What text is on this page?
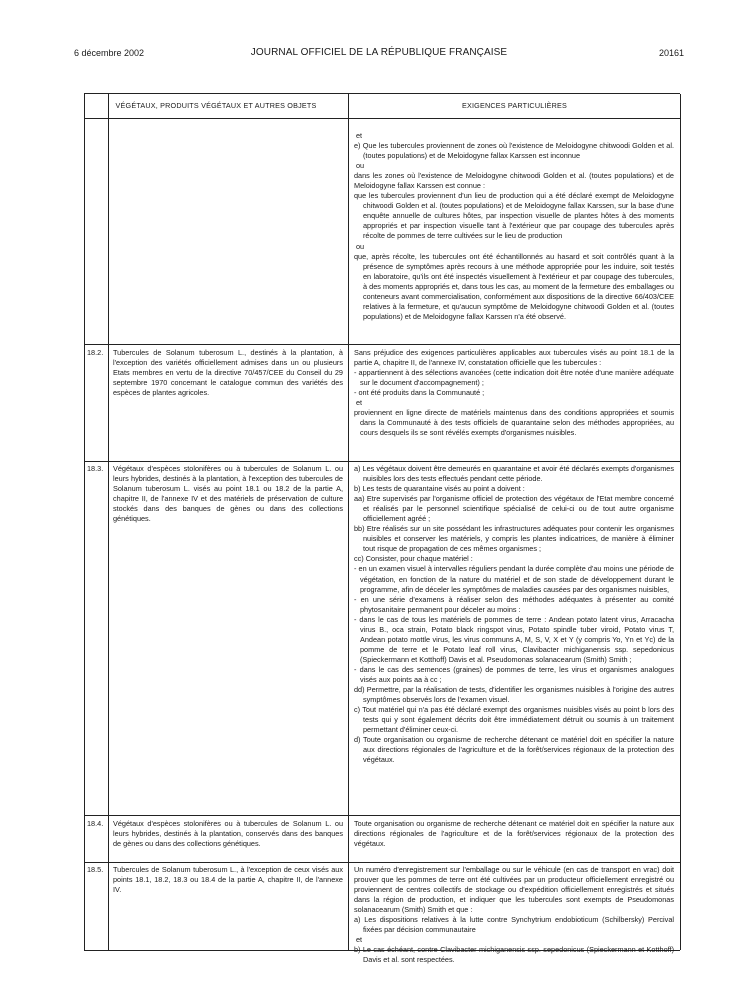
6 décembre 2002	JOURNAL OFFICIEL DE LA RÉPUBLIQUE FRANÇAISE	20161
VÉGÉTAUX, PRODUITS VÉGÉTAUX ET AUTRES OBJETS	EXIGENCES PARTICULIÈRES

et

e) Que les tubercules proviennent de zones où l'existence de Meloidogyne chitwoodi Golden et al. (toutes populations) et de Meloidogyne fallax Karssen est inconnue

ou

dans les zones où l'existence de Meloidogyne chitwoodi Golden et al. (toutes populations) et de Meloidogyne fallax Karssen est connue :

que les tubercules proviennent d'un lieu de production qui a été déclaré exempt de Meloidogyne chitwoodi Golden et al. (toutes populations) et de Meloidogyne fallax Karssen, sur la base d'une enquête annuelle de cultures hôtes, par inspection visuelle de plantes hôtes à des moments appropriés et par inspection visuelle tant à l'extérieur que par coupage des tubercules après récolte de pommes de terre cultivées sur le lieu de production

ou

que, après récolte, les tubercules ont été échantillonnés au hasard et soit contrôlés quant à la présence de symptômes après recours à une méthode appropriée pour les induire, soit testés en laboratoire, qu'ils ont été inspectés visuellement à l'extérieur et par coupage des tubercules, à des moments appropriés et, dans tous les cas, au moment de la fermeture des emballages ou conteneurs avant commercialisation, conformément aux dispositions de la directive 66/403/CEE relatives à la fermeture, et qu'aucun symptôme de Meloidogyne chitwoodi Golden et al. (toutes populations) et de Meloidogyne fallax Karssen n'a été observé.

18.2.	Tubercules de Solanum tuberosum L., destinés à la plantation, à l'exception des variétés officiellement admises dans un ou plusieurs Etats membres en vertu de la directive 70/457/CEE du Conseil du 29 septembre 1970 concernant le catalogue commun des variétés des espèces de plantes agricoles.

Sans préjudice des exigences particulières applicables aux tubercules visés au point 18.1 de la partie A, chapitre II, de l'annexe IV, constatation officielle que les tubercules :

- appartiennent à des sélections avancées (cette indication doit être notée d'une manière adéquate sur le document d'accompagnement) ;

- ont été produits dans la Communauté ;

et

proviennent en ligne directe de matériels maintenus dans des conditions appropriées et soumis dans la Communauté à des tests officiels de quarantaine selon des méthodes appropriées, au cours desquels ils se sont révélés exempts d'organismes nuisibles.

18.3.	Végétaux d'espèces stolonifères ou à tubercules de Solanum L. ou leurs hybrides, destinés à la plantation, à l'exception des tubercules de Solanum tuberosum L. visés au point 18.1 ou 18.2 de la partie A, chapitre II, de l'annexe IV et des matériels de préservation de culture stockés dans des banques de gènes ou dans des collections génétiques.

a) Les végétaux doivent être demeurés en quarantaine et avoir été déclarés exempts d'organismes nuisibles lors des tests effectués pendant cette période.

b) Les tests de quarantaine visés au point a doivent :

aa) Etre supervisés par l'organisme officiel de protection des végétaux de l'Etat membre concerné et réalisés par le personnel scientifique spécialisé de celui-ci ou de tout autre organisme officiellement agréé ;

bb) Etre réalisés sur un site possédant les infrastructures adéquates pour contenir les organismes nuisibles et conserver les matériels, y compris les plantes indicatrices, de manière à éliminer tout risque de propagation de ces mêmes organismes ;

cc) Consister, pour chaque matériel :

- en un examen visuel à intervalles réguliers pendant la durée complète d'au moins une période de végétation, en fonction de la nature du matériel et de son stade de développement durant le programme, afin de déceler les symptômes de maladies causées par des organismes nuisibles,

- en une série d'examens à réaliser selon des méthodes adéquates à présenter au comité phytosanitaire permanent pour déceler au moins :

- dans le cas de tous les matériels de pommes de terre : Andean potato latent virus, Arracacha virus B., oca strain, Potato black ringspot virus, Potato spindle tuber viroid, Potato virus T, Andean potato mottle virus, les virus communs A, M, S, V, X et Y (y compris Yo, Yn et Yc) de la pomme de terre et le Potato leaf roll virus, Clavibacter michiganensis ssp. sepedonicus (Spieckermann et Kotthoff) Davis et al. Pseudomonas solanacearum (Smith) Smith ;

- dans le cas des semences (graines) de pommes de terre, les virus et organismes analogues visés aux points aa à cc ;

dd) Permettre, par la réalisation de tests, d'identifier les organismes nuisibles à l'origine des autres symptômes observés lors de l'examen visuel.

c) Tout matériel qui n'a pas été déclaré exempt des organismes nuisibles visés au point b lors des tests qui y sont également décrits doit être immédiatement détruit ou soumis à un traitement permettant d'éliminer ceux-ci.

d) Toute organisation ou organisme de recherche détenant ce matériel doit en spécifier la nature aux directions régionales de l'agriculture et de la forêt/services régionaux de la protection des végétaux.

18.4.	Végétaux d'espèces stolonifères ou à tubercules de Solanum L. ou leurs hybrides, destinés à la plantation, conservés dans des banques de gènes ou dans des collections génétiques.
Toute organisation ou organisme de recherche détenant ce matériel doit en spécifier la nature aux directions régionales de l'agriculture et de la forêt/services régionaux de la protection des végétaux.
18.5.	Tubercules de Solanum tuberosum L., à l'exception de ceux visés aux points 18.1, 18.2, 18.3 ou 18.4 de la partie A, chapitre II, de l'annexe IV.

Un numéro d'enregistrement sur l'emballage ou sur le véhicule (en cas de transport en vrac) doit prouver que les pommes de terre ont été cultivées par un producteur officiellement enregistré ou proviennent de centres collectifs de stockage ou d'expédition officiellement enregistrés et situés dans la région de production, et indiquer que les tubercules sont exempts de Pseudomonas solanacearum (Smith) Smith et que :

a) Les dispositions relatives à la lutte contre Synchytrium endobioticum (Schilbersky) Percival fixées par décision communautaire

et

b) Le cas échéant, contre Clavibacter michiganensis ssp. sepedonicus (Spieckermann et Kotthoff) Davis et al. sont respectées.
